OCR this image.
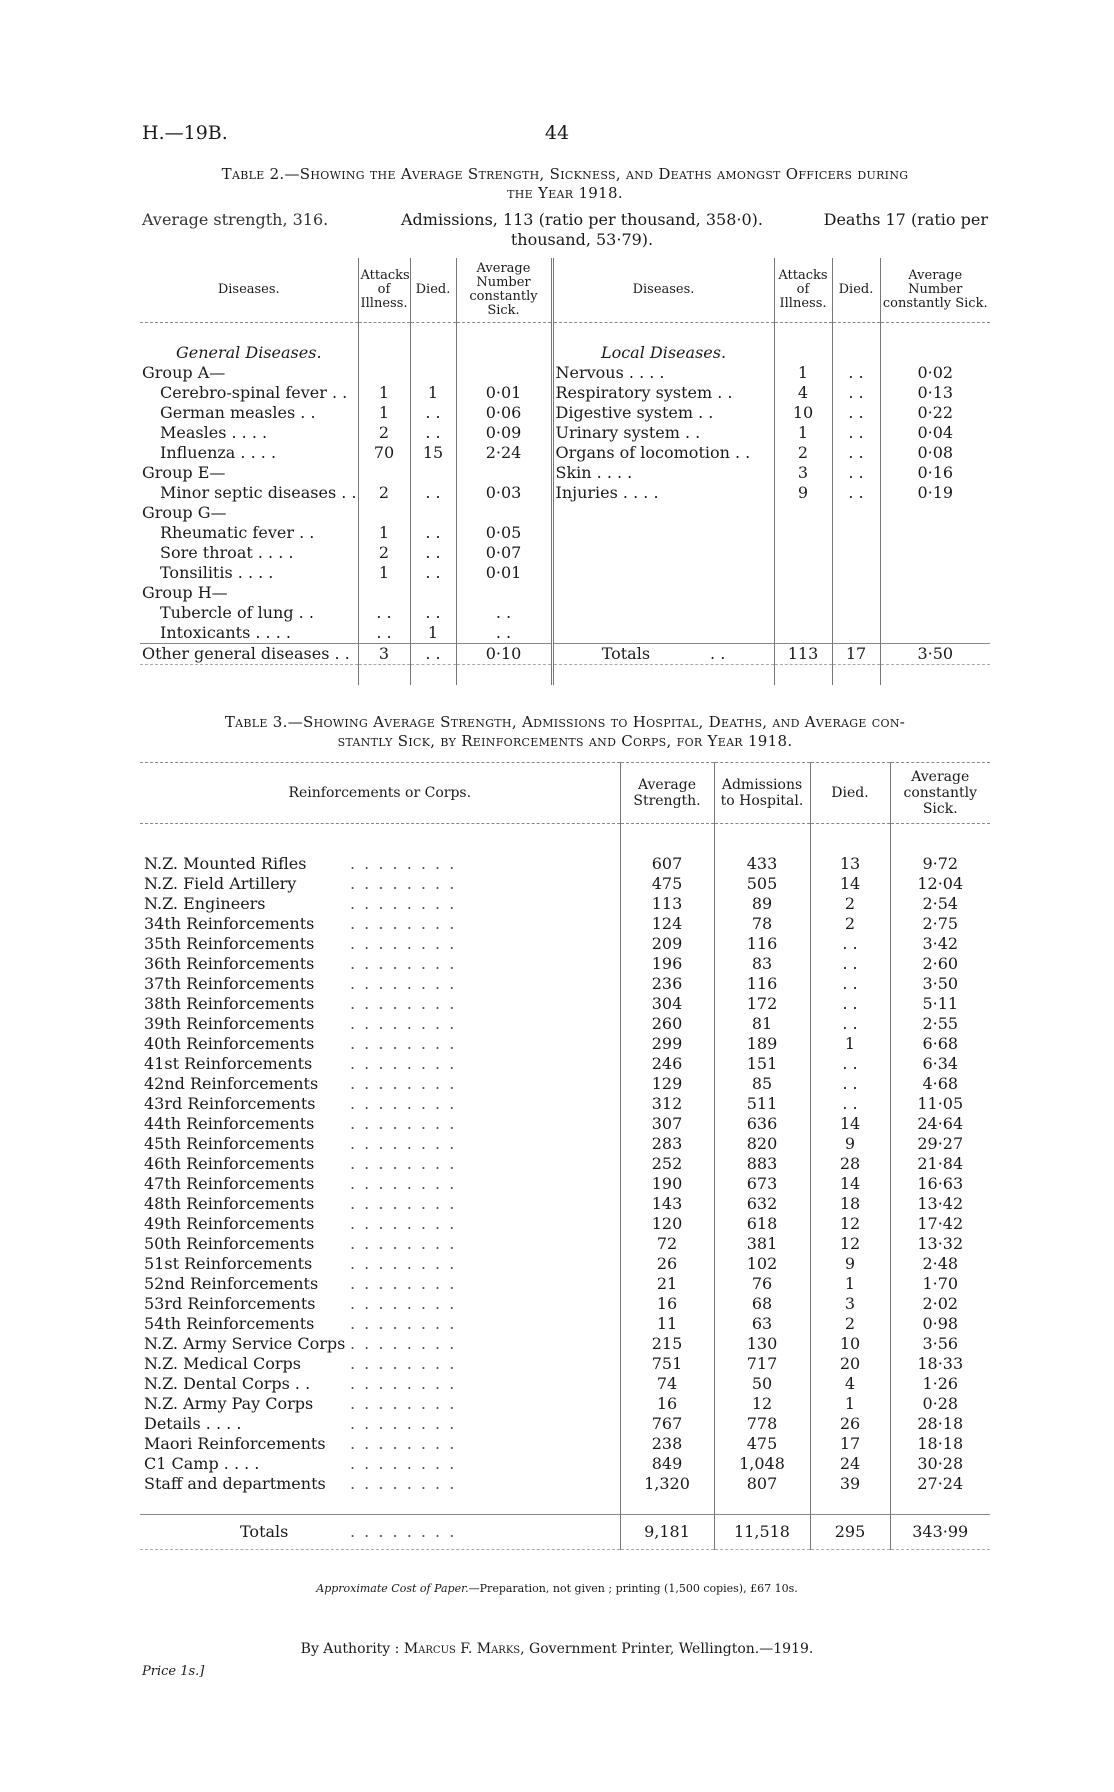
H.—19B.	44
Table 2.—Showing the Average Strength, Sickness, and Deaths amongst Officers during
the Year 1918.
Average strength, 316.	Admissions, 113 (ratio per thousand, 358·0).
thousand, 53·79).
Deaths 17 (ratio per
Diseases.	Attacks of Illness.	Died.	Average Number constantly Sick.	Diseases.	Attacks of Illness.	Died.	Average Number constantly Sick.

General Diseases.				Local Diseases.			
Group A—				Nervous . . . .	1	. .	0·02
Cerebro-spinal fever . .	1	1	0·01	Respiratory system . .	4	. .	0·13
German measles . .	1	. .	0·06	Digestive system . .	10	. .	0·22
Measles . . . .	2	. .	0·09	Urinary system . .	1	. .	0·04
Influenza . . . .	70	15	2·24	Organs of locomotion . .	2	. .	0·08
Group E—				Skin . . . .	3	. .	0·16
Minor septic diseases . .	2	. .	0·03	Injuries . . . .	9	. .	0·19
Group G—							
Rheumatic fever . .	1	. .	0·05				
Sore throat . . . .	2	. .	0·07				
Tonsilitis . . . .	1	. .	0·01				
Group H—							
Tubercle of lung . .	. .	. .	. .				
Intoxicants . . . .	. .	1	. .				
Other general diseases . .	3	. .	0·10	Totals . .	113	17	3·50

Table 3.—Showing Average Strength, Admissions to Hospital, Deaths, and Average con-
stantly Sick, by Reinforcements and Corps, for Year 1918.
Reinforcements or Corps.	Average Strength.	Admissions to Hospital.	Died.	Average constantly Sick.

N.Z. Mounted Rifles . . . . . . . .	607	433	13	9·72
N.Z. Field Artillery . . . . . . . .	475	505	14	12·04
N.Z. Engineers . . . . . . . .	113	89	2	2·54
34th Reinforcements . . . . . . . .	124	78	2	2·75
35th Reinforcements . . . . . . . .	209	116	. .	3·42
36th Reinforcements . . . . . . . .	196	83	. .	2·60
37th Reinforcements . . . . . . . .	236	116	. .	3·50
38th Reinforcements . . . . . . . .	304	172	. .	5·11
39th Reinforcements . . . . . . . .	260	81	. .	2·55
40th Reinforcements . . . . . . . .	299	189	1	6·68
41st Reinforcements . . . . . . . .	246	151	. .	6·34
42nd Reinforcements . . . . . . . .	129	85	. .	4·68
43rd Reinforcements . . . . . . . .	312	511	. .	11·05
44th Reinforcements . . . . . . . .	307	636	14	24·64
45th Reinforcements . . . . . . . .	283	820	9	29·27
46th Reinforcements . . . . . . . .	252	883	28	21·84
47th Reinforcements . . . . . . . .	190	673	14	16·63
48th Reinforcements . . . . . . . .	143	632	18	13·42
49th Reinforcements . . . . . . . .	120	618	12	17·42
50th Reinforcements . . . . . . . .	72	381	12	13·32
51st Reinforcements . . . . . . . .	26	102	9	2·48
52nd Reinforcements . . . . . . . .	21	76	1	1·70
53rd Reinforcements . . . . . . . .	16	68	3	2·02
54th Reinforcements . . . . . . . .	11	63	2	0·98
N.Z. Army Service Corps . . . . . . . .	215	130	10	3·56
N.Z. Medical Corps . . . . . . . .	751	717	20	18·33
N.Z. Dental Corps . . . . . . . . . .	74	50	4	1·26
N.Z. Army Pay Corps . . . . . . . .	16	12	1	0·28
Details . . . . . . . . . . . .	767	778	26	28·18
Maori Reinforcements . . . . . . . .	238	475	17	18·18
C1 Camp . . . . . . . . . . . .	849	1,048	24	30·28
Staff and departments . . . . . . . .	1,320	807	39	27·24

Totals . . . . . . . .	9,181	11,518	295	343·99
Approximate Cost of Paper.—Preparation, not given ; printing (1,500 copies), £67 10s.
By Authority : Marcus F. Marks, Government Printer, Wellington.—1919.
Price 1s.]
